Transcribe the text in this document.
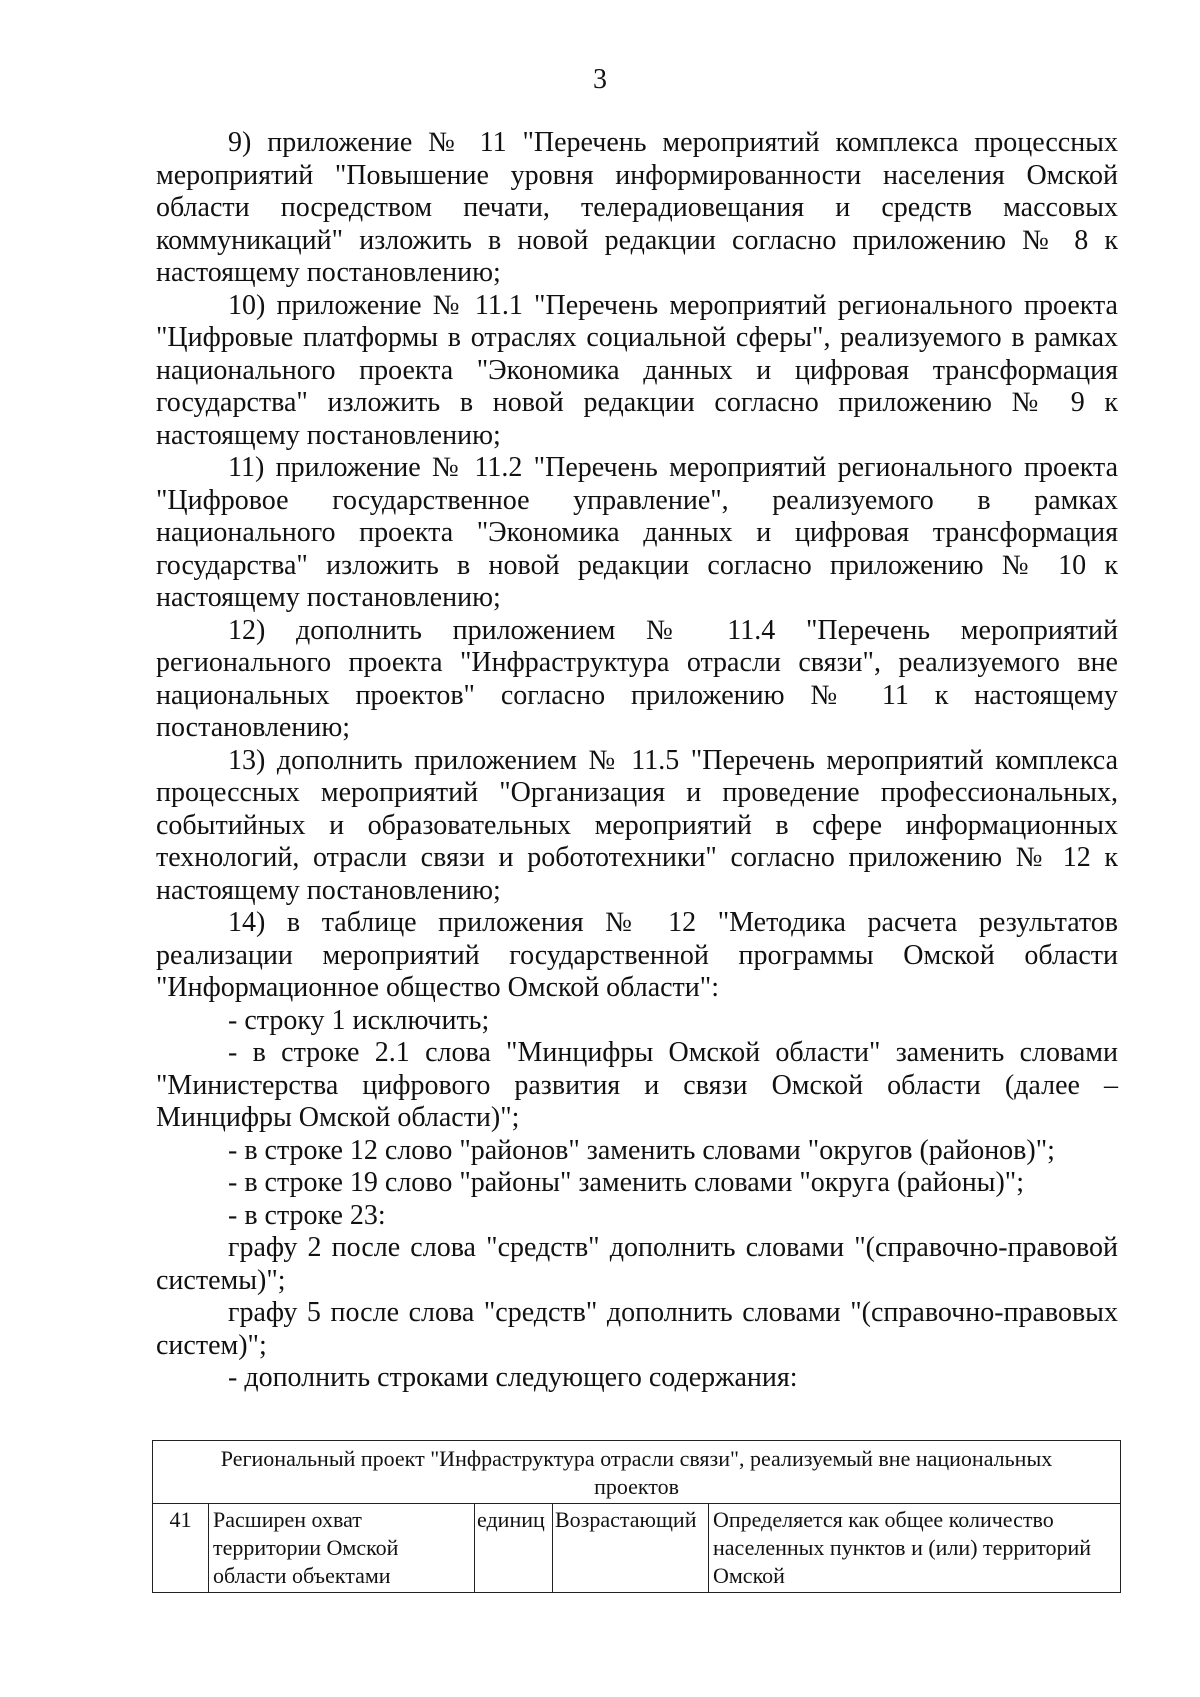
3

9) приложение № 11 "Перечень мероприятий комплекса процессных мероприятий "Повышение уровня информированности населения Омской области посредством печати, телерадиовещания и средств массовых коммуникаций" изложить в новой редакции согласно приложению № 8 к настоящему постановлению;

10) приложение № 11.1 "Перечень мероприятий регионального проекта "Цифровые платформы в отраслях социальной сферы", реализуемого в рамках национального проекта "Экономика данных и цифровая трансформация государства" изложить в новой редакции согласно приложению № 9 к настоящему постановлению;

11) приложение № 11.2 "Перечень мероприятий регионального проекта "Цифровое государственное управление", реализуемого в рамках национального проекта "Экономика данных и цифровая трансформация государства" изложить в новой редакции согласно приложению № 10 к настоящему постановлению;

12) дополнить приложением № 11.4 "Перечень мероприятий регионального проекта "Инфраструктура отрасли связи", реализуемого вне национальных проектов" согласно приложению № 11 к настоящему постановлению;

13) дополнить приложением № 11.5 "Перечень мероприятий комплекса процессных мероприятий "Организация и проведение профессиональных, событийных и образовательных мероприятий в сфере информационных технологий, отрасли связи и робототехники" согласно приложению № 12 к настоящему постановлению;

14) в таблице приложения № 12 "Методика расчета результатов реализации мероприятий государственной программы Омской области "Информационное общество Омской области":

- строку 1 исключить;

- в строке 2.1 слова "Минцифры Омской области" заменить словами "Министерства цифрового развития и связи Омской области (далее – Минцифры Омской области)";

- в строке 12 слово "районов" заменить словами "округов (районов)";

- в строке 19 слово "районы" заменить словами "округа (районы)";

- в строке 23:

графу 2 после слова "средств" дополнить словами "(справочно-правовой системы)";

графу 5 после слова "средств" дополнить словами "(справочно-правовых систем)";

- дополнить строками следующего содержания:

Региональный проект "Инфраструктура отрасли связи", реализуемый вне национальных проектов
41	Расширен охват территории Омской области объектами	единиц	Возрастающий	Определяется как общее количество населенных пунктов и (или) территорий Омской
